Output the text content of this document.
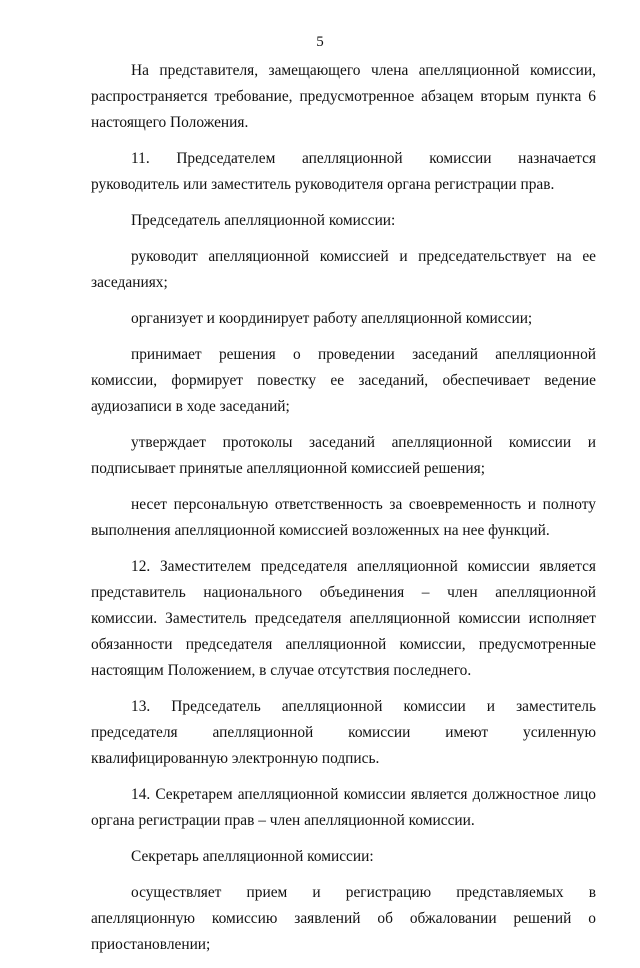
5

На представителя, замещающего члена апелляционной комиссии, распространяется требование, предусмотренное абзацем вторым пункта 6 настоящего Положения.

11. Председателем апелляционной комиссии назначается руководитель или заместитель руководителя органа регистрации прав.

Председатель апелляционной комиссии:

руководит апелляционной комиссией и председательствует на ее заседаниях;

организует и координирует работу апелляционной комиссии;

принимает решения о проведении заседаний апелляционной комиссии, формирует повестку ее заседаний, обеспечивает ведение аудиозаписи в ходе заседаний;

утверждает протоколы заседаний апелляционной комиссии и подписывает принятые апелляционной комиссией решения;

несет персональную ответственность за своевременность и полноту выполнения апелляционной комиссией возложенных на нее функций.

12. Заместителем председателя апелляционной комиссии является представитель национального объединения – член апелляционной комиссии. Заместитель председателя апелляционной комиссии исполняет обязанности председателя апелляционной комиссии, предусмотренные настоящим Положением, в случае отсутствия последнего.

13. Председатель апелляционной комиссии и заместитель председателя апелляционной комиссии имеют усиленную квалифицированную электронную подпись.

14. Секретарем апелляционной комиссии является должностное лицо органа регистрации прав – член апелляционной комиссии.

Секретарь апелляционной комиссии:

осуществляет прием и регистрацию представляемых в апелляционную комиссию заявлений об обжаловании решений о приостановлении;
